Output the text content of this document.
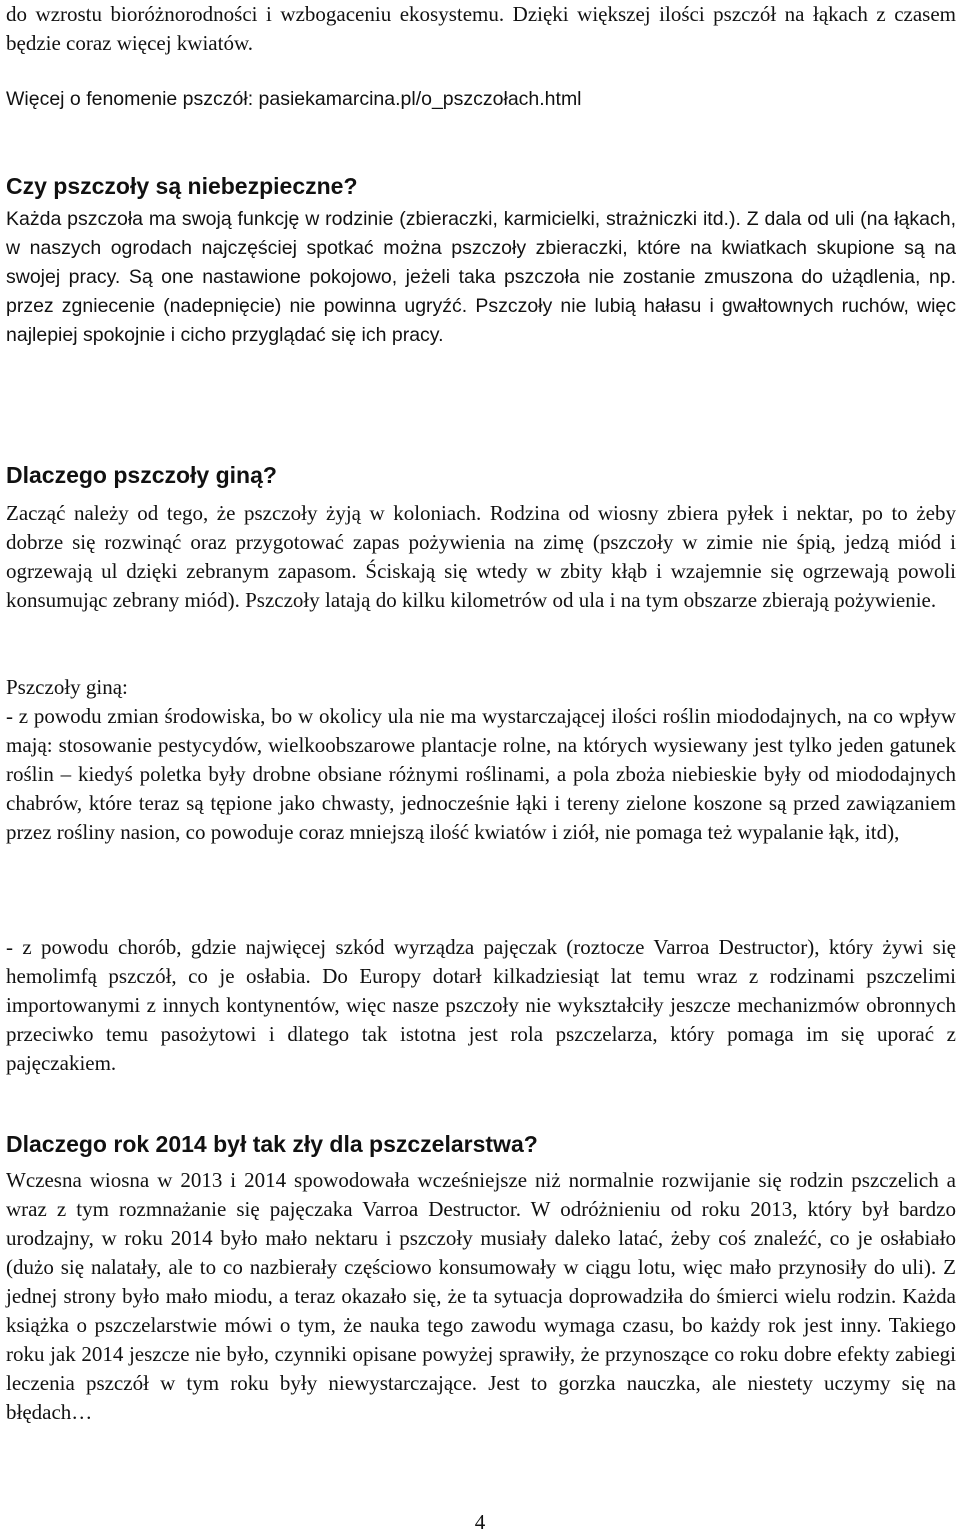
do wzrostu bioróżnorodności i wzbogaceniu ekosystemu. Dzięki większej ilości pszczół na łąkach z czasem będzie coraz więcej kwiatów.

Więcej o fenomenie pszczół: pasiekamarcina.pl/o_pszczołach.html

Czy pszczoły są niebezpieczne?

Każda pszczoła ma swoją funkcję w rodzinie (zbieraczki, karmicielki, strażniczki itd.). Z dala od uli (na łąkach, w naszych ogrodach najczęściej spotkać można pszczoły zbieraczki, które na kwiatkach skupione są na swojej pracy. Są one nastawione pokojowo, jeżeli taka pszczoła nie zostanie zmuszona do użądlenia, np. przez zgniecenie (nadepnięcie) nie powinna ugryźć. Pszczoły nie lubią hałasu i gwałtownych ruchów, więc najlepiej spokojnie i cicho przyglądać się ich pracy.

Dlaczego pszczoły giną?

Zacząć należy od tego, że pszczoły żyją w koloniach. Rodzina od wiosny zbiera pyłek i nektar, po to żeby dobrze się rozwinąć oraz przygotować zapas pożywienia na zimę (pszczoły w zimie nie śpią, jedzą miód i ogrzewają ul dzięki zebranym zapasom. Ściskają się wtedy w zbity kłąb i wzajemnie się ogrzewają powoli konsumując zebrany miód). Pszczoły latają do kilku kilometrów od ula i na tym obszarze zbierają pożywienie.

Pszczoły giną:

- z powodu zmian środowiska, bo w okolicy ula nie ma wystarczającej ilości roślin miododajnych, na co wpływ mają: stosowanie pestycydów, wielkoobszarowe plantacje rolne, na których wysiewany jest tylko jeden gatunek roślin – kiedyś poletka były drobne obsiane różnymi roślinami, a pola zboża niebieskie były od miododajnych chabrów, które teraz są tępione jako chwasty, jednocześnie łąki i tereny zielone koszone są przed zawiązaniem przez rośliny nasion, co powoduje coraz mniejszą ilość kwiatów i ziół, nie pomaga też wypalanie łąk, itd),

- z powodu chorób, gdzie najwięcej szkód wyrządza pajęczak (roztocze Varroa Destructor), który żywi się hemolimfą pszczół, co je osłabia. Do Europy dotarł kilkadziesiąt lat temu wraz z rodzinami pszczelimi importowanymi z innych kontynentów, więc nasze pszczoły nie wykształciły jeszcze mechanizmów obronnych przeciwko temu pasożytowi i dlatego tak istotna jest rola pszczelarza, który pomaga im się uporać z pajęczakiem.

Dlaczego rok 2014 był tak zły dla pszczelarstwa?

Wczesna wiosna w 2013 i 2014 spowodowała wcześniejsze niż normalnie rozwijanie się rodzin pszczelich a wraz z tym rozmnażanie się pajęczaka Varroa Destructor. W odróżnieniu od roku 2013, który był bardzo urodzajny, w roku 2014 było mało nektaru i pszczoły musiały daleko latać, żeby coś znaleźć, co je osłabiało (dużo się nalatały, ale to co nazbierały częściowo konsumowały w ciągu lotu, więc mało przynosiły do uli). Z jednej strony było mało miodu, a teraz okazało się, że ta sytuacja doprowadziła do śmierci wielu rodzin. Każda książka o pszczelarstwie mówi o tym, że nauka tego zawodu wymaga czasu, bo każdy rok jest inny. Takiego roku jak 2014 jeszcze nie było, czynniki opisane powyżej sprawiły, że przynoszące co roku dobre efekty zabiegi leczenia pszczół w tym roku były niewystarczające. Jest to gorzka nauczka, ale niestety uczymy się na błędach…

4
